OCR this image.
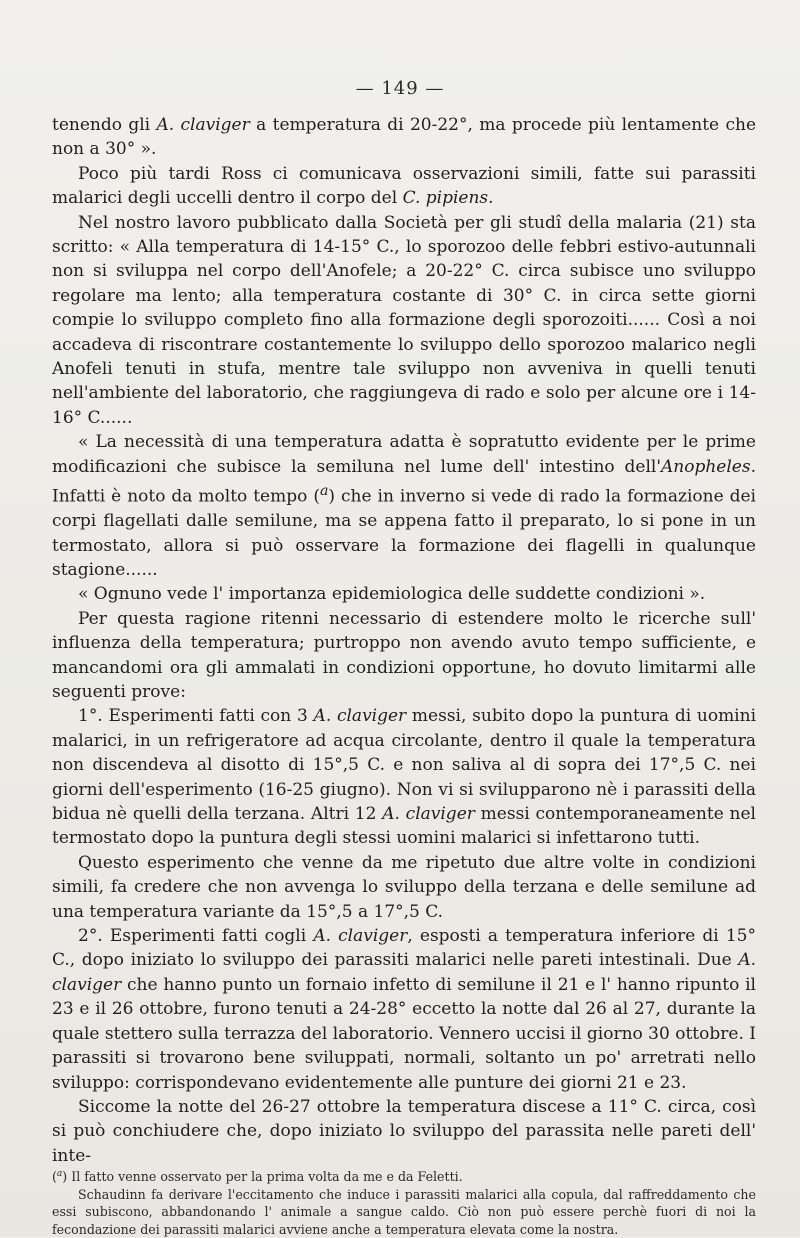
— 149 —

tenendo gli A. claviger a temperatura di 20-22°, ma procede più lentamente che non a 30° ».

Poco più tardi Ross ci comunicava osservazioni simili, fatte sui parassiti malarici degli uccelli dentro il corpo del C. pipiens.

Nel nostro lavoro pubblicato dalla Società per gli studî della malaria (21) sta scritto: « Alla temperatura di 14-15° C., lo sporozoo delle febbri estivo-autunnali non si sviluppa nel corpo dell'Anofele; a 20-22° C. circa subisce uno sviluppo regolare ma lento; alla temperatura costante di 30° C. in circa sette giorni compie lo sviluppo completo fino alla formazione degli sporozoiti...... Così a noi accadeva di riscontrare costantemente lo sviluppo dello sporozoo malarico negli Anofeli tenuti in stufa, mentre tale sviluppo non avveniva in quelli tenuti nell'ambiente del laboratorio, che raggiungeva di rado e solo per alcune ore i 14-16° C......

« La necessità di una temperatura adatta è sopratutto evidente per le prime modificazioni che subisce la semiluna nel lume dell' intestino dell'Anopheles. Infatti è noto da molto tempo ($^a$) che in inverno si vede di rado la formazione dei corpi flagellati dalle semilune, ma se appena fatto il preparato, lo si pone in un termostato, allora si può osservare la formazione dei flagelli in qualunque stagione......

« Ognuno vede l' importanza epidemiologica delle suddette condizioni ».

Per questa ragione ritenni necessario di estendere molto le ricerche sull' influenza della temperatura; purtroppo non avendo avuto tempo sufficiente, e mancandomi ora gli ammalati in condizioni opportune, ho dovuto limitarmi alle seguenti prove:

1°. Esperimenti fatti con 3 A. claviger messi, subito dopo la puntura di uomini malarici, in un refrigeratore ad acqua circolante, dentro il quale la temperatura non discendeva al disotto di 15°,5 C. e non saliva al di sopra dei 17°,5 C. nei giorni dell'esperimento (16-25 giugno). Non vi si svilupparono nè i parassiti della bidua nè quelli della terzana. Altri 12 A. claviger messi contemporaneamente nel termostato dopo la puntura degli stessi uomini malarici si infettarono tutti.

Questo esperimento che venne da me ripetuto due altre volte in condizioni simili, fa credere che non avvenga lo sviluppo della terzana e delle semilune ad una temperatura variante da 15°,5 a 17°,5 C.

2°. Esperimenti fatti cogli A. claviger, esposti a temperatura inferiore di 15° C., dopo iniziato lo sviluppo dei parassiti malarici nelle pareti intestinali. Due A. claviger che hanno punto un fornaio infetto di semilune il 21 e l' hanno ripunto il 23 e il 26 ottobre, furono tenuti a 24-28° eccetto la notte dal 26 al 27, durante la quale stettero sulla terrazza del laboratorio. Vennero uccisi il giorno 30 ottobre. I parassiti si trovarono bene sviluppati, normali, soltanto un po' arretrati nello sviluppo: corrispondevano evidentemente alle punture dei giorni 21 e 23.

Siccome la notte del 26-27 ottobre la temperatura discese a 11° C. circa, così si può conchiudere che, dopo iniziato lo sviluppo del parassita nelle pareti dell' inte-

($^a$) Il fatto venne osservato per la prima volta da me e da Feletti.

Schaudinn fa derivare l'eccitamento che induce i parassiti malarici alla copula, dal raffreddamento che essi subiscono, abbandonando l' animale a sangue caldo. Ciò non può essere perchè fuori di noi la fecondazione dei parassiti malarici avviene anche a temperatura elevata come la nostra.
